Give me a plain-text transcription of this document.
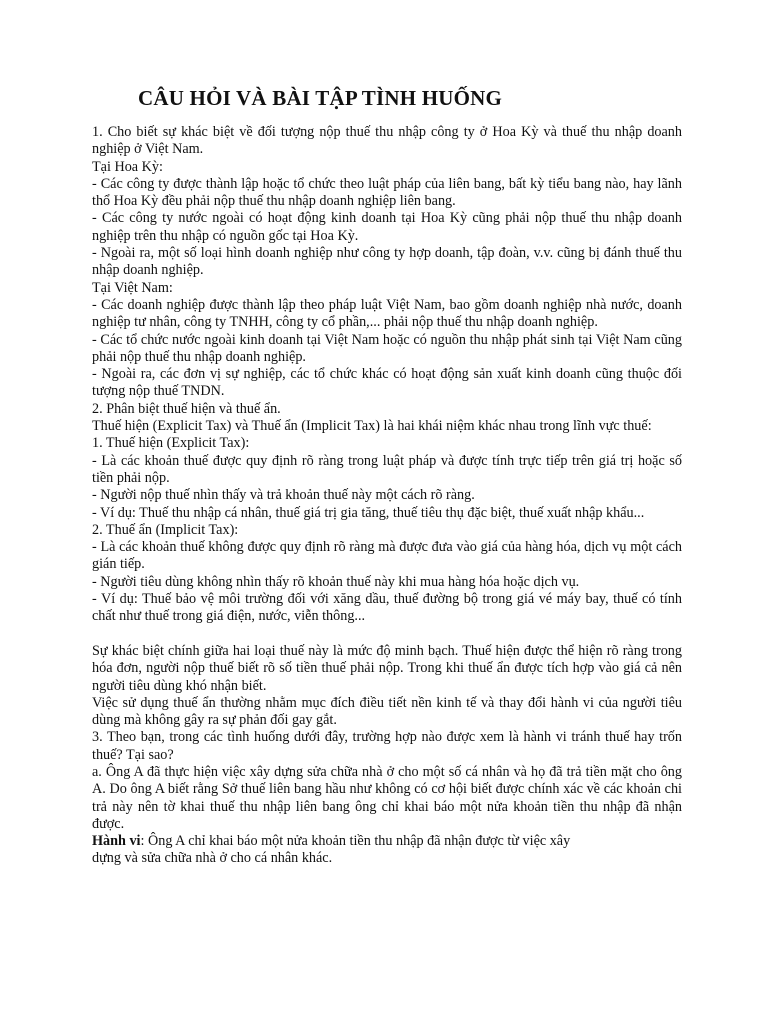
CÂU HỎI VÀ BÀI TẬP TÌNH HUỐNG

1. Cho biết sự khác biệt về đối tượng nộp thuế thu nhập công ty ở Hoa Kỳ và thuế thu nhập doanh nghiệp ở Việt Nam.

Tại Hoa Kỳ:

- Các công ty được thành lập hoặc tổ chức theo luật pháp của liên bang, bất kỳ tiểu bang nào, hay lãnh thổ Hoa Kỳ đều phải nộp thuế thu nhập doanh nghiệp liên bang.

- Các công ty nước ngoài có hoạt động kinh doanh tại Hoa Kỳ cũng phải nộp thuế thu nhập doanh nghiệp trên thu nhập có nguồn gốc tại Hoa Kỳ.

- Ngoài ra, một số loại hình doanh nghiệp như công ty hợp doanh, tập đoàn, v.v. cũng bị đánh thuế thu nhập doanh nghiệp.

Tại Việt Nam:

- Các doanh nghiệp được thành lập theo pháp luật Việt Nam, bao gồm doanh nghiệp nhà nước, doanh nghiệp tư nhân, công ty TNHH, công ty cổ phần,... phải nộp thuế thu nhập doanh nghiệp.

- Các tổ chức nước ngoài kinh doanh tại Việt Nam hoặc có nguồn thu nhập phát sinh tại Việt Nam cũng phải nộp thuế thu nhập doanh nghiệp.

- Ngoài ra, các đơn vị sự nghiệp, các tổ chức khác có hoạt động sản xuất kinh doanh cũng thuộc đối tượng nộp thuế TNDN.

2. Phân biệt thuế hiện và thuế ẩn.

Thuế hiện (Explicit Tax) và Thuế ẩn (Implicit Tax) là hai khái niệm khác nhau trong lĩnh vực thuế:

1. Thuế hiện (Explicit Tax):

- Là các khoản thuế được quy định rõ ràng trong luật pháp và được tính trực tiếp trên giá trị hoặc số tiền phải nộp.

- Người nộp thuế nhìn thấy và trả khoản thuế này một cách rõ ràng.

- Ví dụ: Thuế thu nhập cá nhân, thuế giá trị gia tăng, thuế tiêu thụ đặc biệt, thuế xuất nhập khẩu...

2. Thuế ẩn (Implicit Tax):

- Là các khoản thuế không được quy định rõ ràng mà được đưa vào giá của hàng hóa, dịch vụ một cách gián tiếp.

- Người tiêu dùng không nhìn thấy rõ khoản thuế này khi mua hàng hóa hoặc dịch vụ.

- Ví dụ: Thuế bảo vệ môi trường đối với xăng dầu, thuế đường bộ trong giá vé máy bay, thuế có tính chất như thuế trong giá điện, nước, viễn thông...

Sự khác biệt chính giữa hai loại thuế này là mức độ minh bạch. Thuế hiện được thể hiện rõ ràng trong hóa đơn, người nộp thuế biết rõ số tiền thuế phải nộp. Trong khi thuế ẩn được tích hợp vào giá cả nên người tiêu dùng khó nhận biết.

Việc sử dụng thuế ẩn thường nhằm mục đích điều tiết nền kinh tế và thay đổi hành vi của người tiêu dùng mà không gây ra sự phản đối gay gắt.

3. Theo bạn, trong các tình huống dưới đây, trường hợp nào được xem là hành vi tránh thuế hay trốn thuế? Tại sao?

a. Ông A đã thực hiện việc xây dựng sửa chữa nhà ở cho một số cá nhân và họ đã trả tiền mặt cho ông A. Do ông A biết rằng Sở thuế liên bang hầu như không có cơ hội biết được chính xác về các khoản chi trả này nên tờ khai thuế thu nhập liên bang ông chỉ khai báo một nửa khoản tiền thu nhập đã nhận được.

Hành vi: Ông A chỉ khai báo một nửa khoản tiền thu nhập đã nhận được từ việc xây dựng và sửa chữa nhà ở cho cá nhân khác.
